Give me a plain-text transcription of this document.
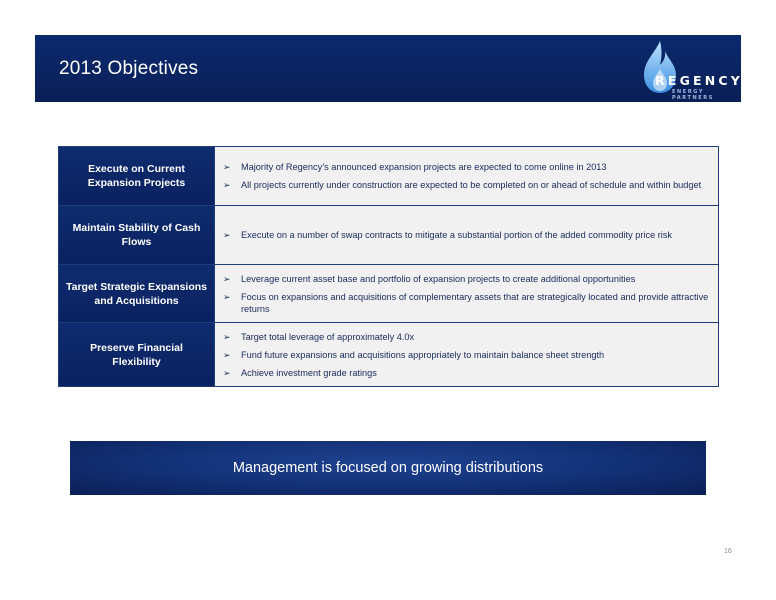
2013 Objectives
REGENCY
ENERGY PARTNERS
Execute on Current Expansion Projects
➢	Majority of Regency’s announced expansion projects are expected to come online in 2013
➢	All projects currently under construction are expected to be completed on or ahead of schedule and within budget
Maintain Stability of Cash Flows
➢	Execute on a number of swap contracts to mitigate a substantial portion of the added commodity price risk
Target Strategic Expansions and Acquisitions
➢	Leverage current asset base and portfolio of expansion projects to create additional opportunities
➢	Focus on expansions and acquisitions of complementary assets that are strategically located and provide attractive returns
Preserve Financial Flexibility
➢	Target total leverage of approximately 4.0x
➢	Fund future expansions and acquisitions appropriately to maintain balance sheet strength
➢	Achieve investment grade ratings
Management is focused on growing distributions
16
